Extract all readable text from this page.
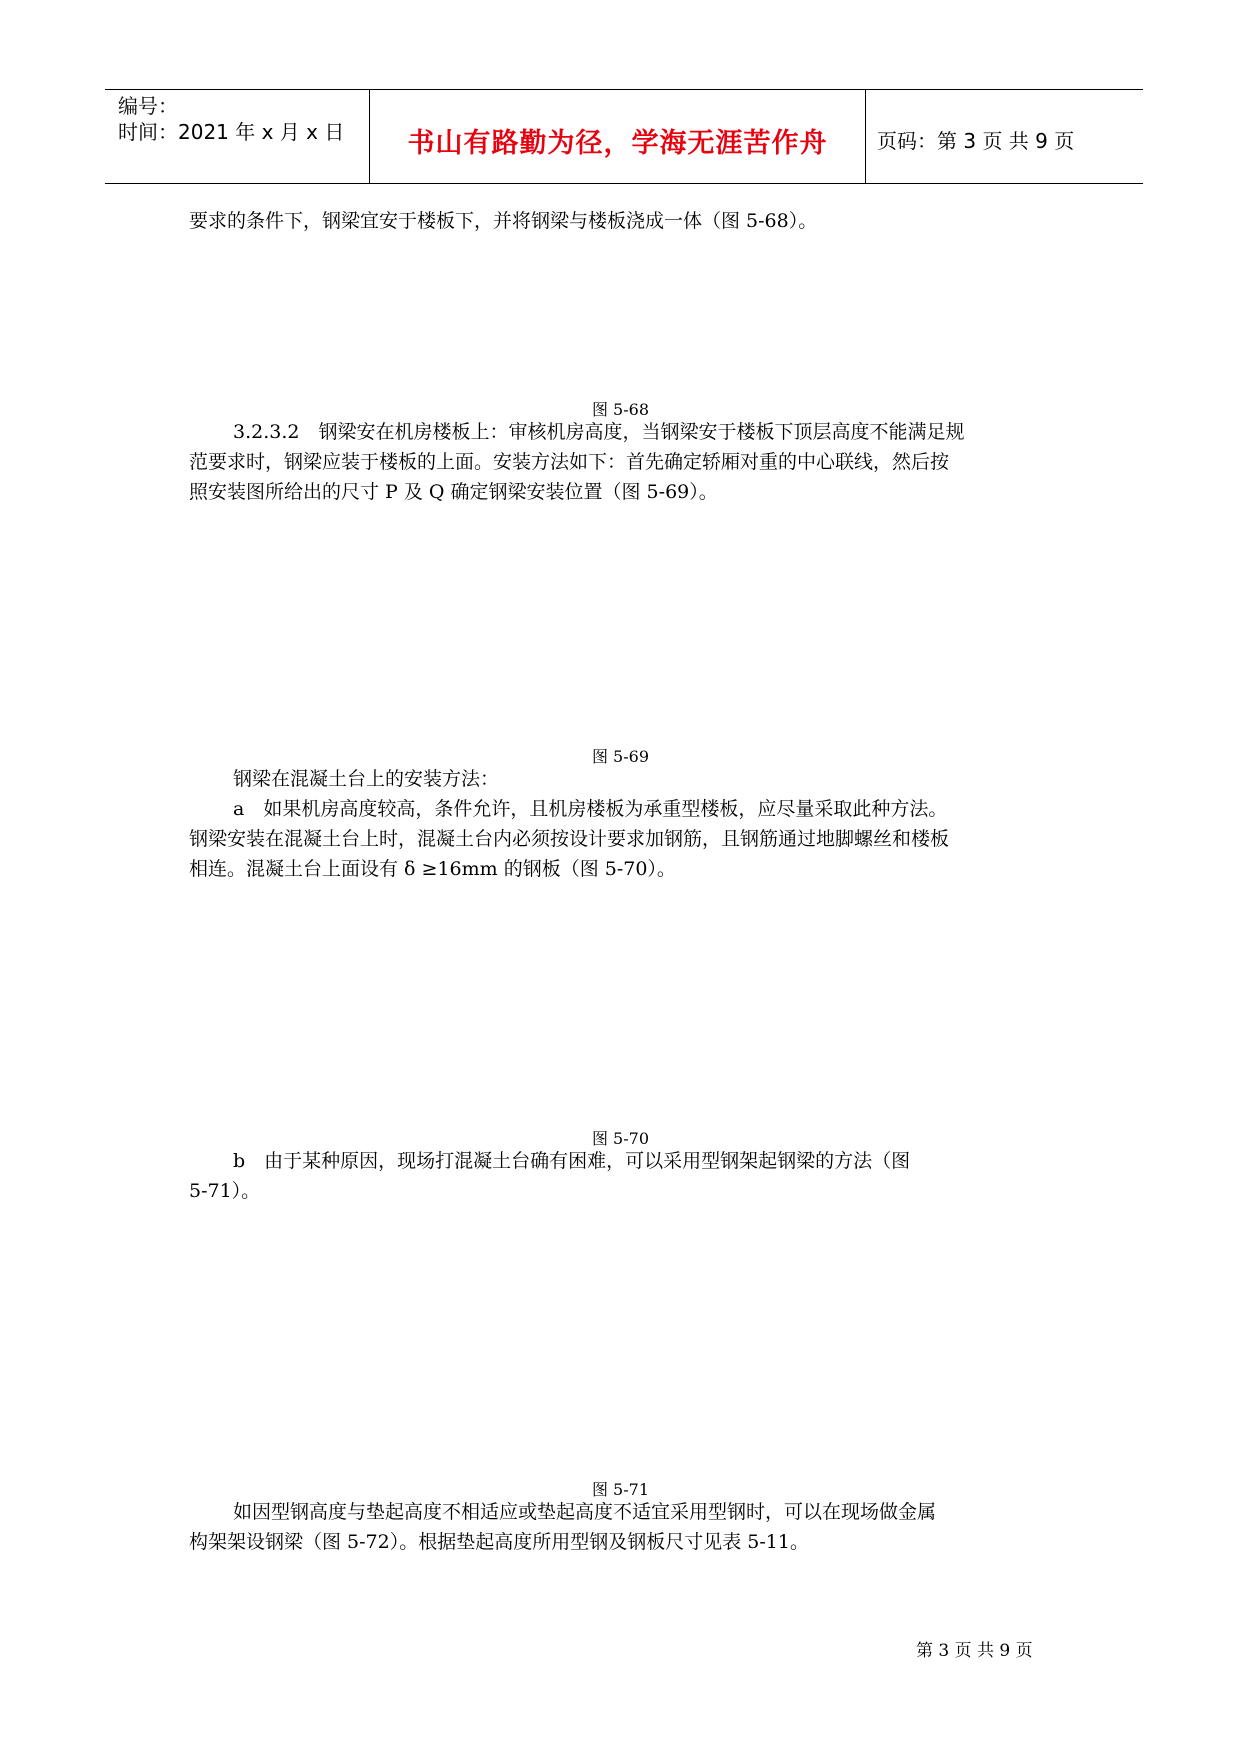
编号：
时间：2021 年 x 月 x 日	书山有路勤为径，学海无涯苦作舟	页码：第 3 页 共 9 页
要求的条件下，钢梁宜安于楼板下，并将钢梁与楼板浇成一体（图 5-68）。
图 5-68
3.2.3.2　钢梁安在机房楼板上：审核机房高度，当钢梁安于楼板下顶层高度不能满足规
范要求时，钢梁应装于楼板的上面。安装方法如下：首先确定轿厢对重的中心联线，然后按
照安装图所给出的尺寸 P 及 Q 确定钢梁安装位置（图 5-69）。
图 5-69
钢梁在混凝土台上的安装方法：
a　如果机房高度较高，条件允许，且机房楼板为承重型楼板，应尽量采取此种方法。
钢梁安装在混凝土台上时，混凝土台内必须按设计要求加钢筋，且钢筋通过地脚螺丝和楼板
相连。混凝土台上面设有 δ ≥16mm 的钢板（图 5-70）。
图 5-70
b　由于某种原因，现场打混凝土台确有困难，可以采用型钢架起钢梁的方法（图
5-71）。
图 5-71
如因型钢高度与垫起高度不相适应或垫起高度不适宜采用型钢时，可以在现场做金属
构架架设钢梁（图 5-72）。根据垫起高度所用型钢及钢板尺寸见表 5-11。
第 3 页 共 9 页
